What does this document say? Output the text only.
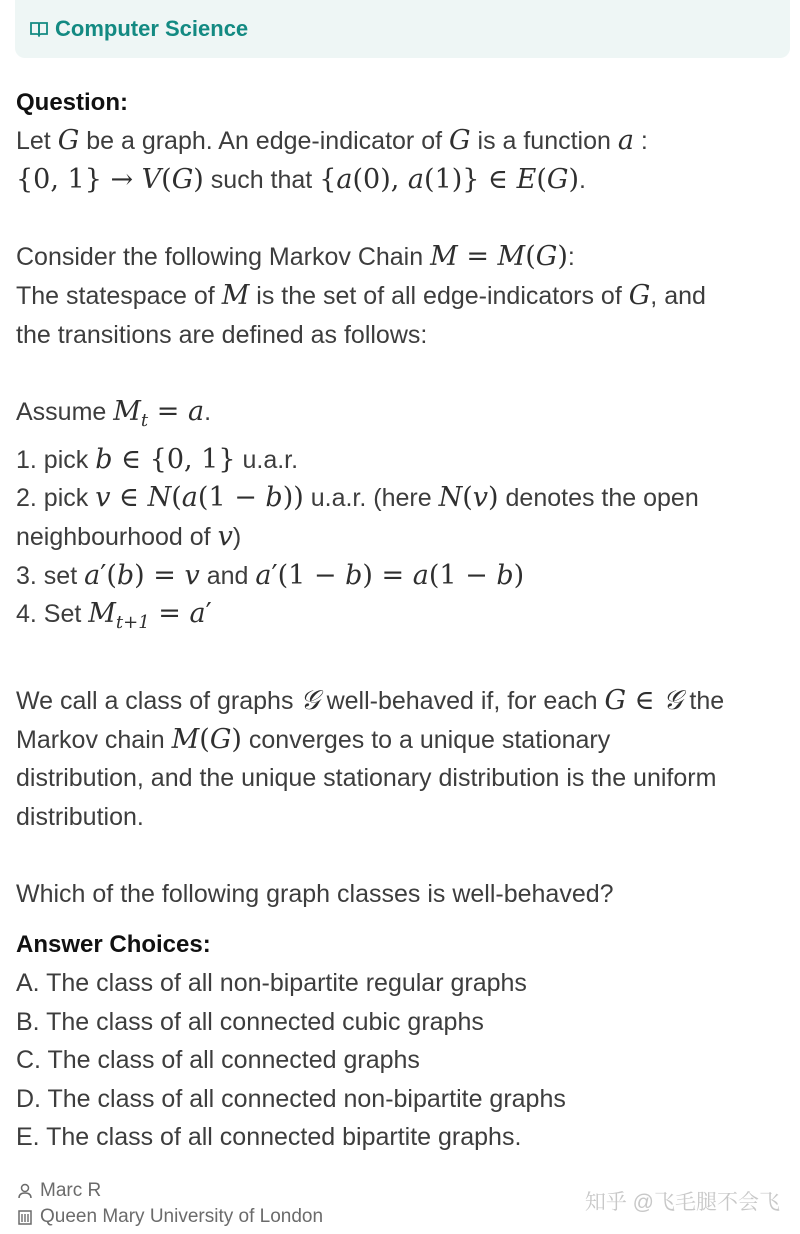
Computer Science
Question:
Let G be a graph. An edge-indicator of G is a function a :
{0, 1} → V(G) such that {a(0), a(1)} ∈ E(G).
Consider the following Markov Chain M = M(G):
The statespace of M is the set of all edge-indicators of G, and
the transitions are defined as follows:
Assume $M_t = a$.
1. pick b ∈ {0, 1} u.a.r.
2. pick v ∈ N(a(1 − b)) u.a.r. (here N(v) denotes the open
neighbourhood of v)
3. set a′(b) = v and a′(1 − b) = a(1 − b)
4. Set $M_{t+1} = a'$
We call a class of graphs 𝒢 well-behaved if, for each G ∈ 𝒢 the
Markov chain M(G) converges to a unique stationary
distribution, and the unique stationary distribution is the uniform
distribution.
Which of the following graph classes is well-behaved?
Answer Choices:
A. The class of all non-bipartite regular graphs
B. The class of all connected cubic graphs
C. The class of all connected graphs
D. The class of all connected non-bipartite graphs
E. The class of all connected bipartite graphs.
Marc R
Queen Mary University of London
知乎 @飞毛腿不会飞
